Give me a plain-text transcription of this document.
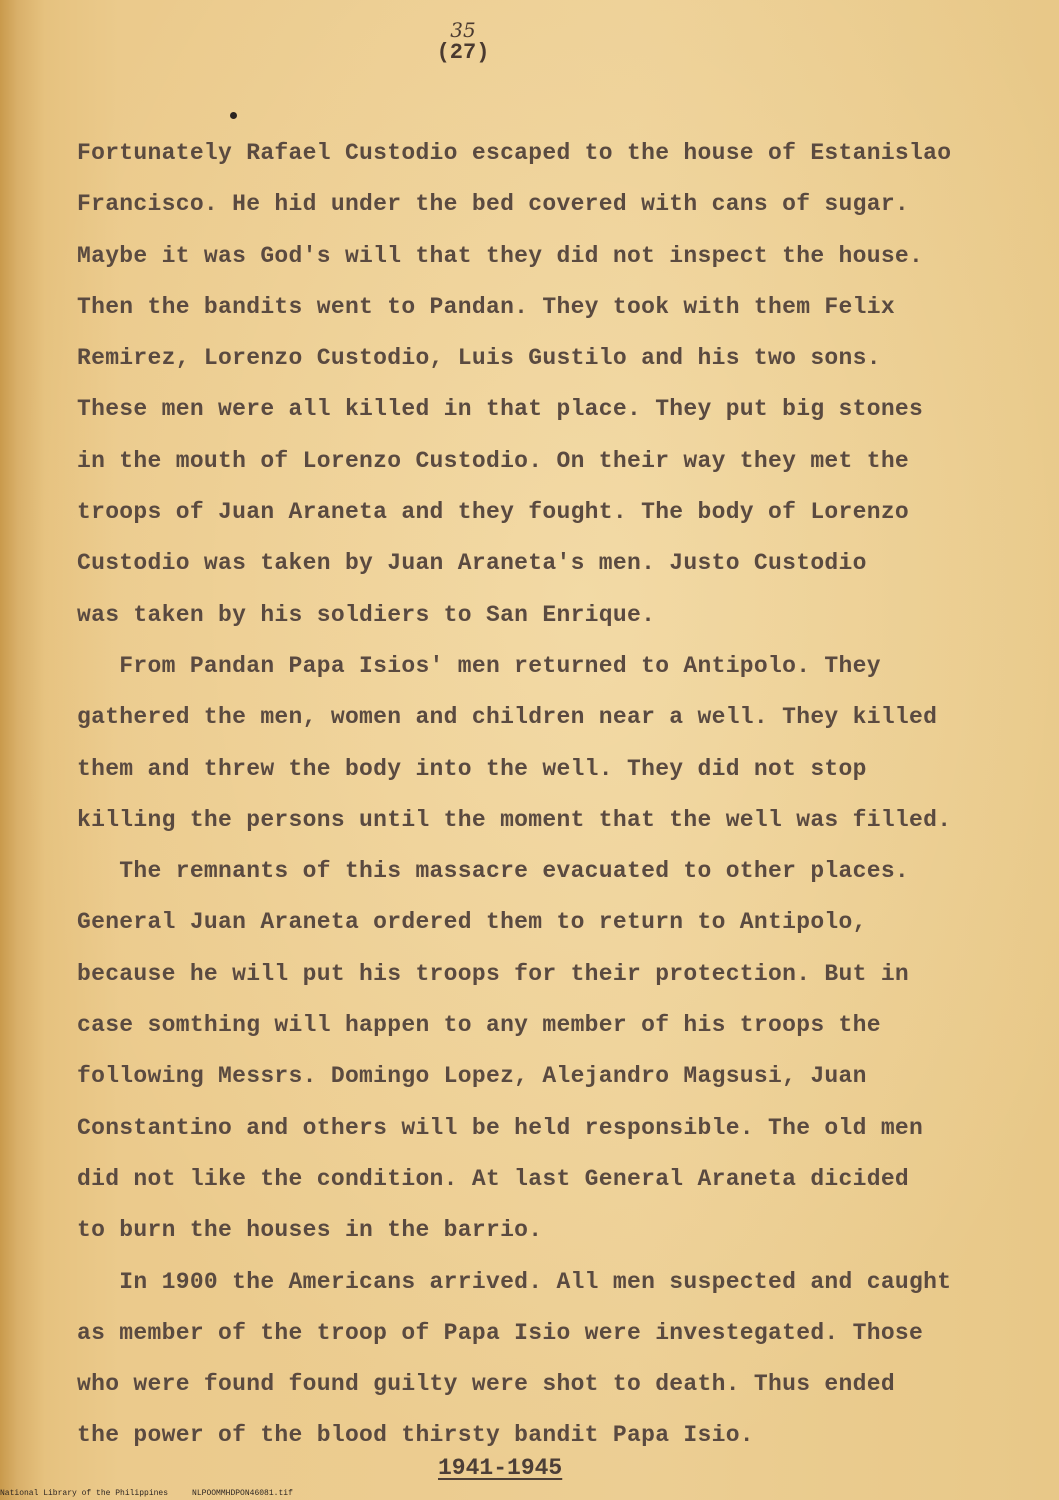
35
(27)
Fortunately Rafael Custodio escaped to the house of Estanislao
Francisco. He hid under the bed covered with cans of sugar.
Maybe it was God's will that they did not inspect the house.
Then the bandits went to Pandan. They took with them Felix
Remirez, Lorenzo Custodio, Luis Gustilo and his two sons.
These men were all killed in that place. They put big stones
in the mouth of Lorenzo Custodio. On their way they met the
troops of Juan Araneta and they fought. The body of Lorenzo
Custodio was taken by Juan Araneta's men. Justo Custodio
was taken by his soldiers to San Enrique.
From Pandan Papa Isios' men returned to Antipolo. They
gathered the men, women and children near a well. They killed
them and threw the body into the well. They did not stop
killing the persons until the moment that the well was filled.
The remnants of this massacre evacuated to other places.
General Juan Araneta ordered them to return to Antipolo,
because he will put his troops for their protection. But in
case somthing will happen to any member of his troops the
following Messrs. Domingo Lopez, Alejandro Magsusi, Juan
Constantino and others will be held responsible. The old men
did not like the condition. At last General Araneta dicided
to burn the houses in the barrio.
In 1900 the Americans arrived. All men suspected and caught
as member of the troop of Papa Isio were investegated. Those
who were found found guilty were shot to death. Thus ended
the power of the blood thirsty bandit Papa Isio.
1941-1945
National Library of the Philippines	NLPOOMMHDPON46081.tif
